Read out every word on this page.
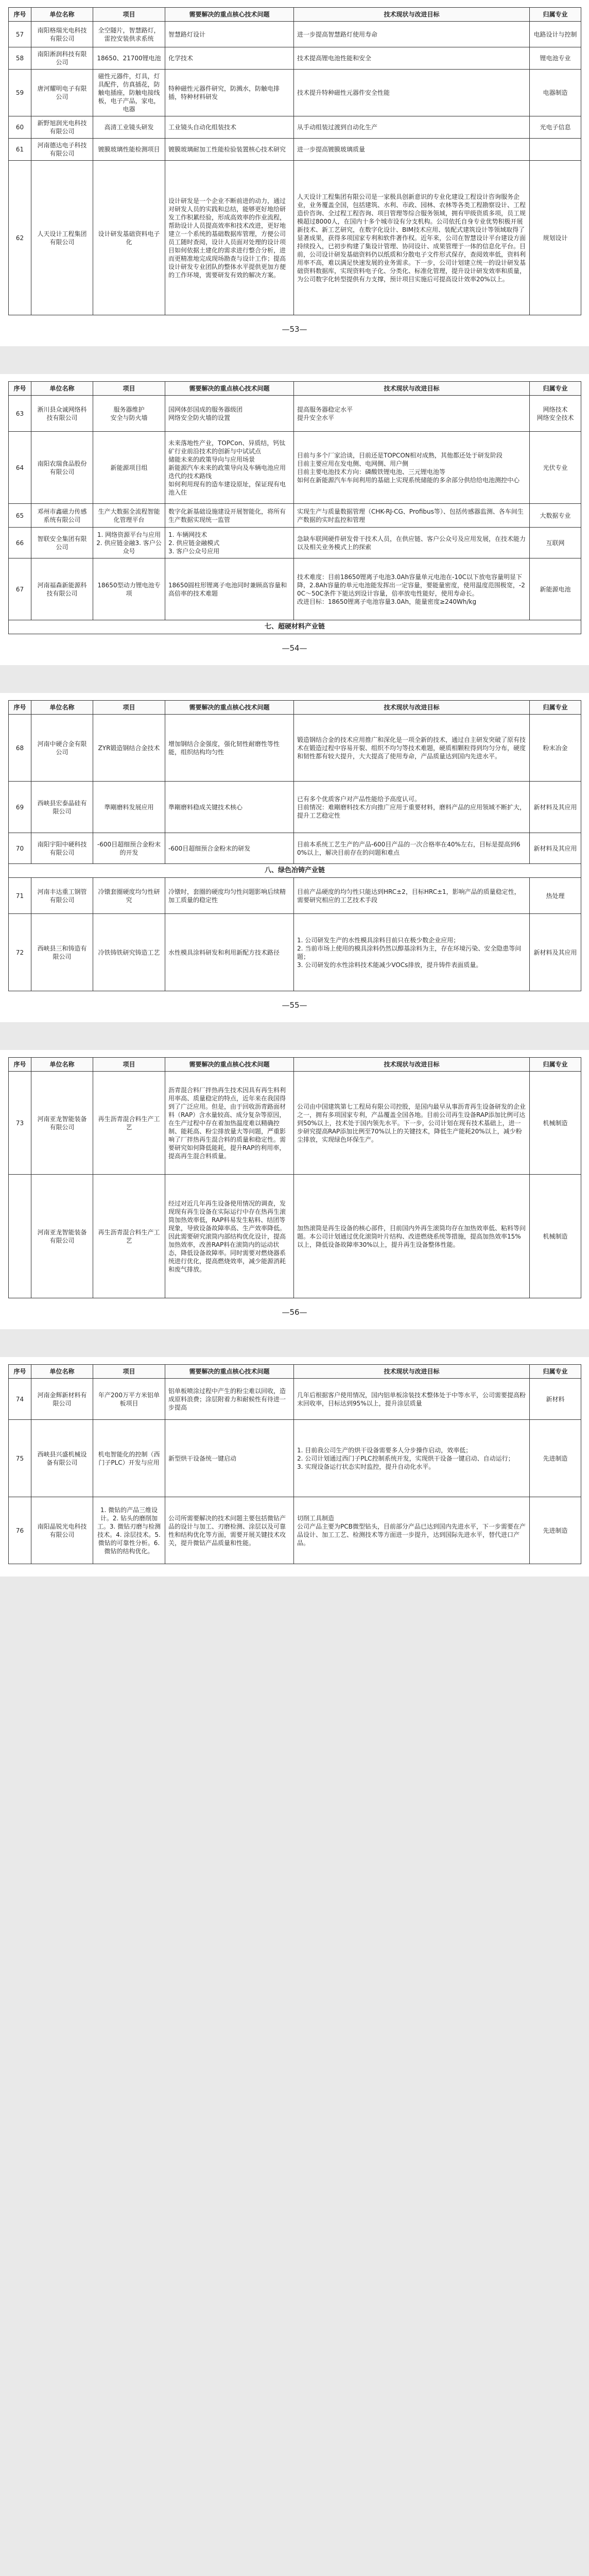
序号	单位名称	项目	需要解决的重点核心技术问题	技术现状与改进目标	归属专业
57	南阳格瑞光电科技有限公司	全空隧片，智慧路灯，雷控安装供求系统	智慧路灯设计	进一步提高智慧路灯使用寿命	电路设计与控制
58	南阳淅润科技有限公司	18650、21700锂电池	化学技术	技术提高锂电池性能和安全	锂电池专业
59	唐河耀明电子有限公司	磁性元器件，灯具，灯具配件，仿真插花，防触电插座，防触电接线板，电子产品，家电，电器	特种磁性元器件研究，防溅水，防触电排插，特种材料研发	技术提升特种磁性元器件安全性能	电器制造
60	新野旭润光电科技有限公司	高清工业镜头研发	工业镜头自动化组装技术	从手动组装过渡到自动化生产	光电子信息
61	河南德达电子科技有限公司	镀膜玻璃性能检测项目	镀膜玻璃耐加工性能检验装置核心技术研究	进一步提高镀膜玻璃质量	
62	人天设计工程集团有限公司	设计研发基础资料电子化	设计研发是一个企业不断前进的动力，通过对研发人员的实践和总结，能够更好地给研发工作积累经验，形成高效率的作业流程，帮助设计人员提高效率和技术改进，更好地建立一个系统的基础数据库管理，方便公司员工随时查阅，设计人员面对处理的设计项目如何依据土建化的需求进行整合分析，进而更精准地完成现场勘查与设计工作；提高设计研发专业团队的整体水平提供更加方便的工作环境，需要研发有效的解决方案。	人天设计工程集团有限公司是一家极具创新意识的专业化建设工程设计咨询服务企业，业务覆盖全国，包括建筑、水利、市政、园林、农林等各类工程勘察设计、工程造价咨询、全过程工程咨询、项目管理等综合服务领域，拥有甲级资质多项，员工规模超过8000人，在国内十多个城市设有分支机构。公司依托自身专业优势积极开展新技术、新工艺研究，在数字化设计、BIM技术应用、装配式建筑设计等领域取得了显著成果，获得多项国家专利和软件著作权。近年来，公司在智慧设计平台建设方面持续投入，已初步构建了集设计管理、协同设计、成果管理于一体的信息化平台。目前，公司设计研发基础资料仍以纸质和分散电子文件形式保存，查阅效率低，资料利用率不高，难以满足快速发展的业务需求。下一步，公司计划建立统一的设计研发基础资料数据库，实现资料电子化、分类化、标准化管理，提升设计研发效率和质量，为公司数字化转型提供有力支撑，预计项目实施后可提高设计效率20%以上。	规划设计
—53—
序号	单位名称	项目	需要解决的重点核心技术问题	技术现状与改进目标	归属专业
63	淅川县众诚网络科技有限公司	服务器维护
安全与防火墙	国网体彭国成的服务器级团
网络安全防火墙的设置	提高服务器稳定水平
提升安全水平	网络技术
网络安全技术

64	南阳农瑞食品股份有限公司	新能源项目组	未来落地性产业，TOPCon、异质结，钙钛矿行业前沿技术的创新与中试试点
储能未来的政策导向与应用场景
新能源汽车未来的政策导向及车辆电池应用迭代的技术路线
如何利用现有的造车建设原址，保证现有电池入住	目前与多个厂家洽谈，目前还是TOPCON相对成熟，其他都还处于研发阶段
目前主要应用在发电侧、电网侧、用户侧
目前主要电池技术方向：磷酸铁锂电池、三元锂电池等
如何在新能源汽车车间利用的基础上实现系统储能的多余部分供给给电池测控中心	光伏专业
65	邓州市鑫磁力传感系统有限公司	生产大数据全流程智能化管理平台	数字化新基础设施建设开展智能化，将所有生产数据实现统一监管	实现生产与质量数据管理（CHK-RJ-CG、Profibus等）、包括传感器监测、各车间生产数据的实时监控和管理	大数据专业
66	智联安全集团有限公司	1. 网络资源平台与应用2. 供应链金融3. 客户公众号	1. 车辆网技术
2. 供应链金融模式
3. 客户公众号应用	急缺车联网硬件研发骨干技术人员，在供应链、客户公众号及应用发展，在技术能力以及相关业务模式上的探索	互联网
67	河南福森新能源科技有限公司	18650型动力锂电池专项	18650圆柱形锂离子电池同时兼顾高容量和高倍率的技术难题	技术难度：目前18650锂离子电池3.0Ah容量单元电池在-10C以下放电容量明显下降，2.8Ah容量的单元电池能发挥出一定容量，要能量密度，使用温度范围极宽，-20C～50C条件下能达到设计容量，倍率放电性能好，使用寿命长。
改进目标：18650锂离子电池容量3.0Ah，能量密度≥240Wh/kg	新能源电池
七、超硬材料产业链					
—54—
序号	单位名称	项目	需要解决的重点核心技术问题	技术现状与改进目标	归属专业
68	河南中硬合金有限公司	ZYR锻造钢结合金技术	增加钢结合金强度，强化韧性耐磨性等性能，组织结构均匀性	锻造钢结合金的技术应用推广和深化是一项全新的技术，通过自主研发突破了原有技术在锻造过程中容易开裂、组织不均匀等技术难题，硬质相颗粒得到均匀分布，硬度和韧性都有较大提升，大大提高了使用寿命，产品质量达到国内先进水平。	粉末冶金
69	西峡县宏泰晶硅有限公司	準剛磨料发展应用	準剛磨料稳成关键技术核心	已有多个优质客户对产品性能给予高度认可。
目前情况：难剛磨料技术方向推广应用于重要材料，磨料产品的应用领域不断扩大，提升工艺稳定性	新材料及其应用
70	南阳宇阳中硬科技有限公司	-600目超细预合金粉末的开发	-600目超细预合金粉末的研发	目前本系统工艺生产的产品-600目产品的一次合格率在40%左右，目标是提高到60%以上，解决目前存在的问题和难点	新材料及其应用
八、绿色冶铸产业链					
71	河南丰达重工钢管有限公司	冷镦套圈硬度均匀性研究	冷镦时，套圈的硬度均匀性问题影响后续精加工质量的稳定性	目前产品硬度的均匀性只能达到HRC±2，目标HRC±1，影响产品的质量稳定性，需要研究相应的工艺技术手段	热处理
72	西峡县三和铸造有限公司	冷铁铸铁研究铸造工艺	水性模具涂料研发和利用新配方技术路径	1. 公司研发生产的水性模具涂料目前只在极少数企业应用；
2. 当前市场上使用的模具涂料仍然以醇基涂料为主，存在环境污染、安全隐患等问题；
3. 公司研发的水性涂料技术能减少VOCs排放，提升铸件表面质量。	新材料及其应用
—55—
序号	单位名称	项目	需要解决的重点核心技术问题	技术现状与改进目标	归属专业
73	河南亚龙智能装备有限公司	再生沥青混合料生产工艺	沥青混合料厂拌热再生技术因具有再生料利用率高、质量稳定的特点，近年来在我国得到了广泛应用。但是，由于回收沥青路面材料（RAP）含水量较高、成分复杂等原因，在生产过程中存在着加热温度难以精确控制、能耗高、粉尘排放量大等问题，严重影响了厂拌热再生混合料的质量和稳定性。需要研究如何降低能耗，提升RAP的利用率，提高再生混合料质量。	公司由中国建筑第七工程局有限公司控股，是国内最早从事沥青再生设备研发的企业之一，拥有多项国家专利，产品覆盖全国各地。目前公司再生设备RAP添加比例可达到50%以上，技术处于国内领先水平。下一步，公司计划在现有技术基础上，进一步研究提高RAP添加比例至70%以上的关键技术，降低生产能耗20%以上，减少粉尘排放，实现绿色环保生产。	机械制造
	河南亚龙智能装备有限公司	再生沥青混合料生产工艺	经过对近几年再生设备使用情况的调查，发现现有再生设备在实际运行中存在热再生滚筒加热效率低，RAP料易发生粘料、结团等现象，导致设备故障率高、生产效率降低。因此需要研究滚筒内部结构优化设计，提高加热效率，改善RAP料在滚筒内的运动状态，降低设备故障率。同时需要对燃烧器系统进行优化，提高燃烧效率，减少能源消耗和废气排放。	加热滚筒是再生设备的核心部件，目前国内外再生滚筒均存在加热效率低、粘料等问题。本公司计划通过优化滚筒叶片结构、改进燃烧系统等措施，提高加热效率15%以上，降低设备故障率30%以上，提升再生设备整体性能。	机械制造
—56—
序号	单位名称	项目	需要解决的重点核心技术问题	技术现状与改进目标	归属专业
74	河南金辉新材料有限公司	年产200万平方米铝单板项目	铝单板喷涂过程中产生的粉尘难以回收，造成原料浪费；涂层附着力和耐候性有待进一步提高	几年后根据客户使用情况，国内铝单板涂装技术整体处于中等水平，公司需要提高粉末回收率，目标达到95%以上，提升涂层质量	新材料
75	西峡县兴盛机械设备有限公司	机电智能化的控制（西门子PLC）开发与应用	新型烘干设备统一键启动	1. 目前我公司生产的烘干设备需要多人分步操作启动，效率低；
2. 公司计划通过西门子PLC控制系统开发，实现烘干设备一键启动、自动运行；
3. 实现设备运行状态实时监控，提升自动化水平。	先进制造
76	南阳晶锐光电科技有限公司	1. 微钻的产品三维设计。2. 钻头的磨削加工。3. 微钻刃磨与检测技术。4. 涂层技术。5. 微钻的可靠性分析。6. 微钻的结构优化。	公司所需要解决的技术问题主要包括微钻产品的设计与加工、刃磨检测、涂层以及可靠性和结构优化等方面，需要开展关键技术攻关，提升微钻产品质量和性能。	切削工具制造
公司产品主要为PCB微型钻头，目前部分产品已达到国内先进水平，下一步需要在产品设计、加工工艺、检测技术等方面进一步提升，达到国际先进水平，替代进口产品。	先进制造
